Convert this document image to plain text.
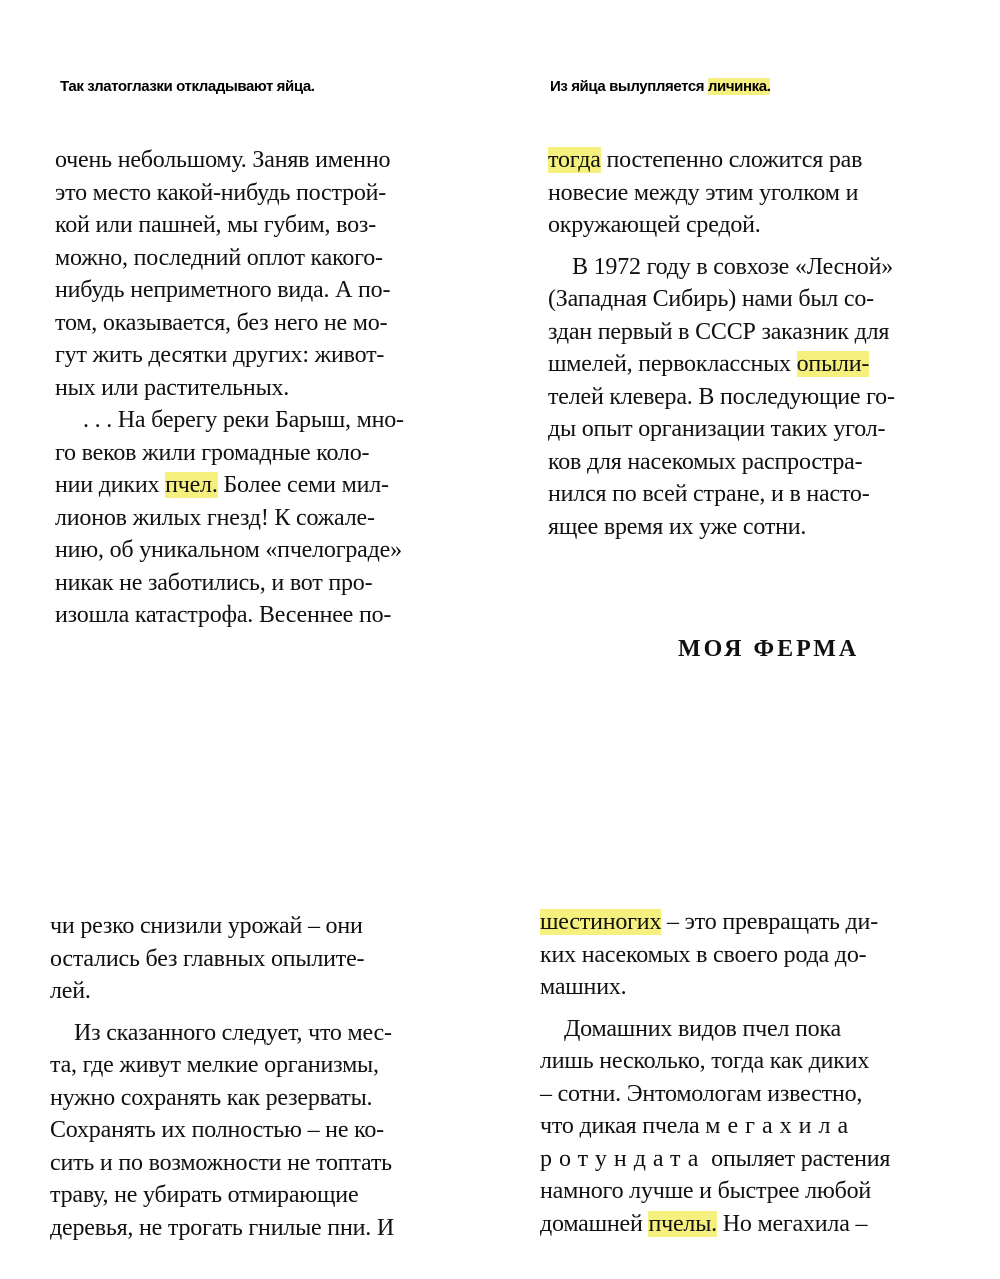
Так златоглазки откладывают яйца.	Из яйца вылупляется личинка.
очень небольшому. Заняв именно
это место какой-нибудь построй-
кой или пашней, мы губим, воз-
можно, последний оплот какого-
нибудь неприметного вида. А по-
том, оказывается, без него не мо-
гут жить десятки других: живот-
ных или растительных.
. . . На берегу реки Барыш, мно-
го веков жили громадные коло-
нии диких пчел. Более семи мил-
лионов жилых гнезд! К сожале-
нию, об уникальном «пчелограде»
никак не заботились, и вот про-
изошла катастрофа. Весеннее по-
тогда постепенно сложится рав
новесие между этим уголком и
окружающей средой.
В 1972 году в совхозе «Лесной»
(Западная Сибирь) нами был со-
здан первый в СССР заказник для
шмелей, первоклассных опыли-
телей клевера. В последующие го-
ды опыт организации таких угол-
ков для насекомых распростра-
нился по всей стране, и в насто-
ящее время их уже сотни.
МОЯ ФЕРМА
чи резко снизили урожай – они
остались без главных опылите-
лей.
Из сказанного следует, что мес-
та, где живут мелкие организмы,
нужно сохранять как резерваты.
Сохранять их полностью – не ко-
сить и по возможности не топтать
траву, не убирать отмирающие
деревья, не трогать гнилые пни. И
шестиногих – это превращать ди-
ких насекомых в своего рода до-
машних.
Домашних видов пчел пока
лишь несколько, тогда как диких
– сотни. Энтомологам известно,
что дикая пчела мегахила
ротундата опыляет растения
намного лучше и быстрее любой
домашней пчелы. Но мегахила –
